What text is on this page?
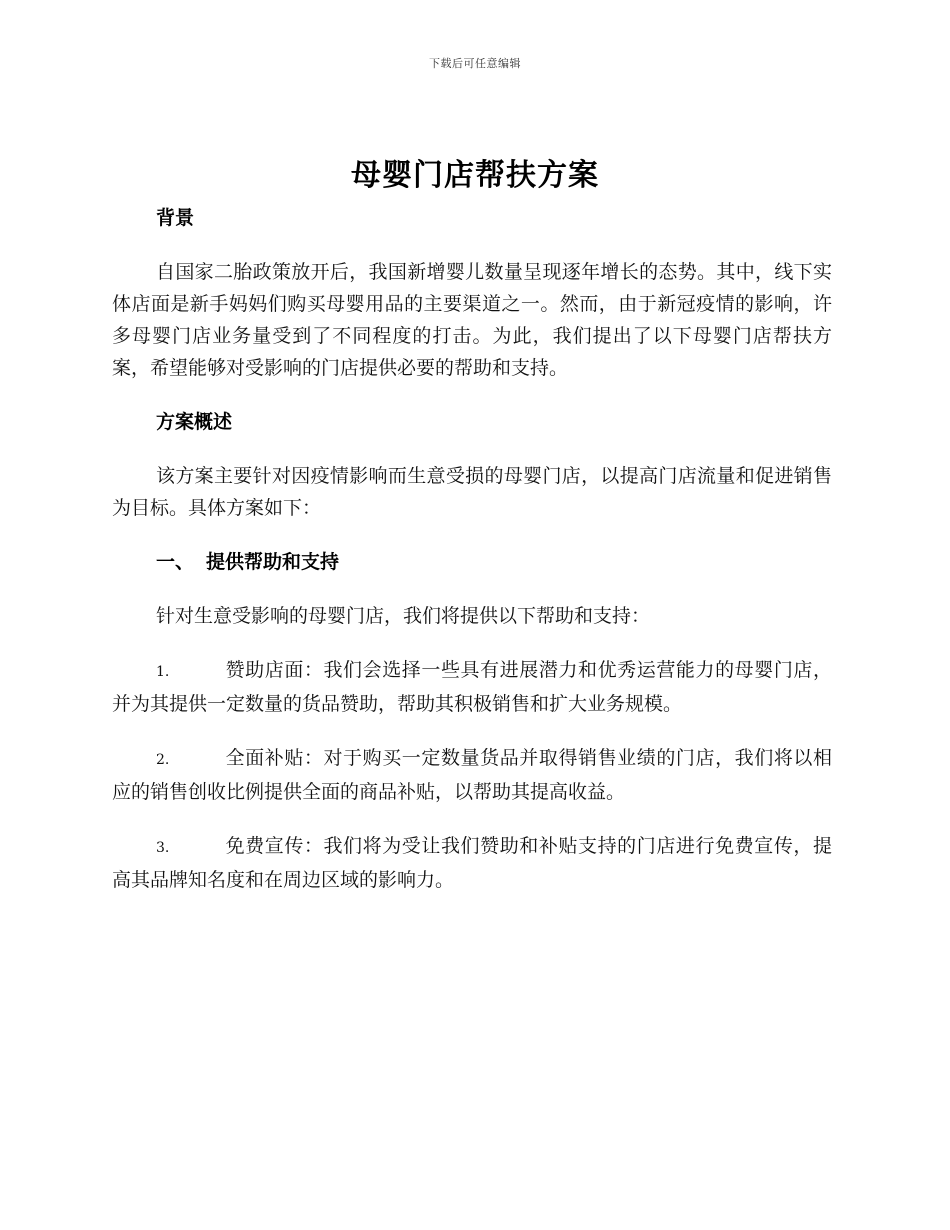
下载后可任意编辑
母婴门店帮扶方案
背景

自国家二胎政策放开后，我国新增婴儿数量呈现逐年增长的态势。其中，线下实体店面是新手妈妈们购买母婴用品的主要渠道之一。然而，由于新冠疫情的影响，许多母婴门店业务量受到了不同程度的打击。为此，我们提出了以下母婴门店帮扶方案，希望能够对受影响的门店提供必要的帮助和支持。

方案概述

该方案主要针对因疫情影响而生意受损的母婴门店，以提高门店流量和促进销售为目标。具体方案如下：

一、 提供帮助和支持

针对生意受影响的母婴门店，我们将提供以下帮助和支持：

1.	赞助店面：我们会选择一些具有进展潜力和优秀运营能力的母婴门店，并为其提供一定数量的货品赞助，帮助其积极销售和扩大业务规模。

2.	全面补贴：对于购买一定数量货品并取得销售业绩的门店，我们将以相应的销售创收比例提供全面的商品补贴，以帮助其提高收益。

3.	免费宣传：我们将为受让我们赞助和补贴支持的门店进行免费宣传，提高其品牌知名度和在周边区域的影响力。
